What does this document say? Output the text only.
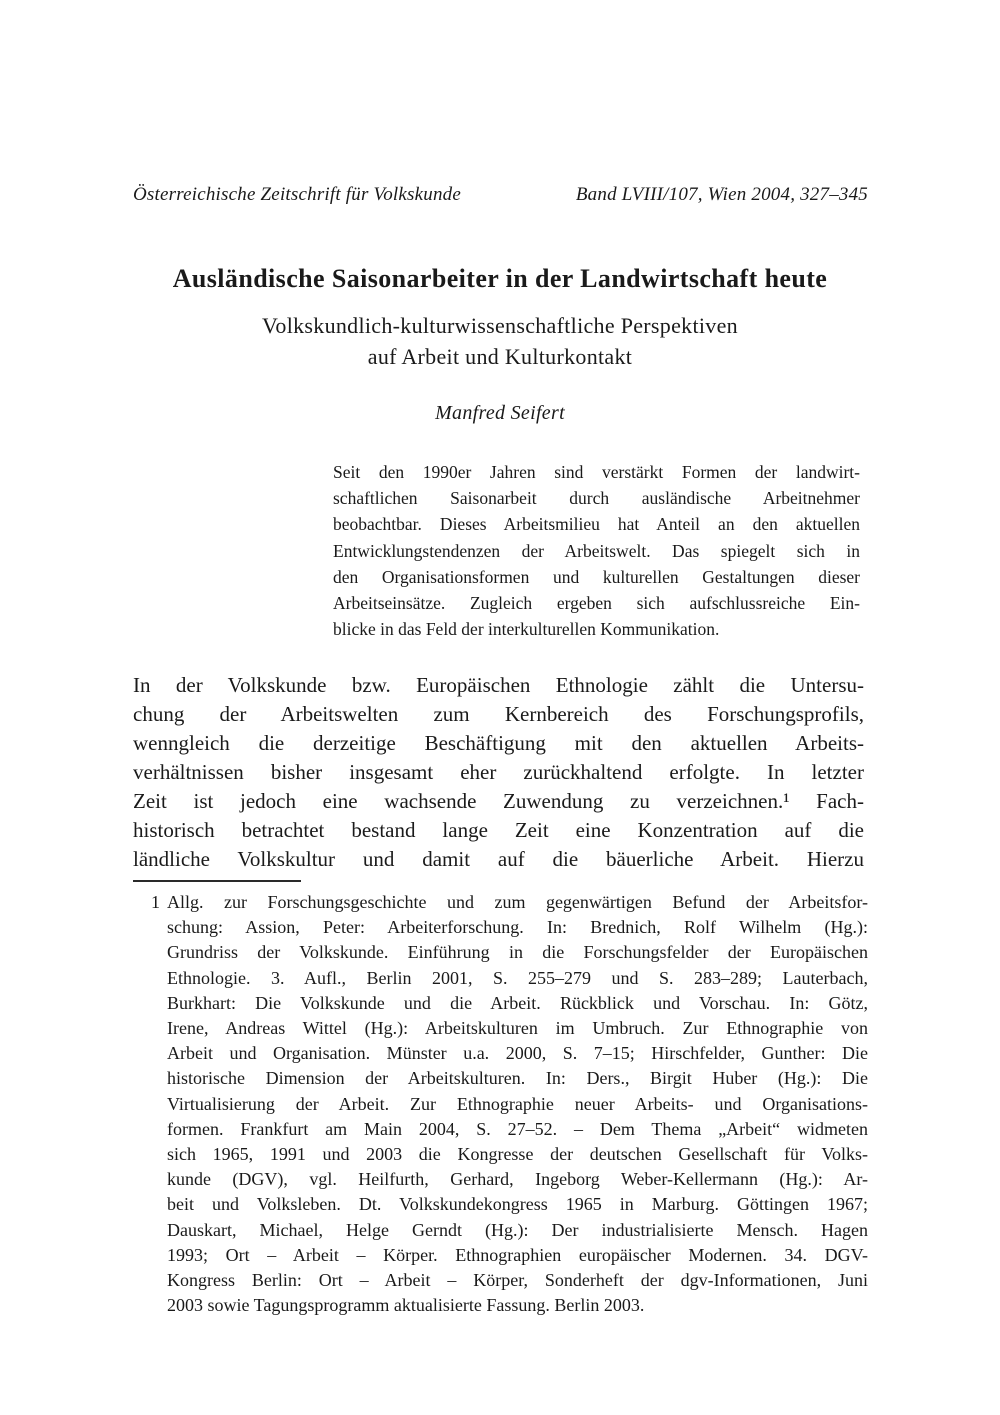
Österreichische Zeitschrift für Volkskunde	Band LVIII/107, Wien 2004, 327–345
Ausländische Saisonarbeiter in der Landwirtschaft heute
Volkskundlich-kulturwissenschaftliche Perspektiven
auf Arbeit und Kulturkontakt
Manfred Seifert
Seit den 1990er Jahren sind verstärkt Formen der landwirt-
schaftlichen Saisonarbeit durch ausländische Arbeitnehmer
beobachtbar. Dieses Arbeitsmilieu hat Anteil an den aktuellen
Entwicklungstendenzen der Arbeitswelt. Das spiegelt sich in
den Organisationsformen und kulturellen Gestaltungen dieser
Arbeitseinsätze. Zugleich ergeben sich aufschlussreiche Ein-
blicke in das Feld der interkulturellen Kommunikation.
In der Volkskunde bzw. Europäischen Ethnologie zählt die Untersu-
chung der Arbeitswelten zum Kernbereich des Forschungsprofils,
wenngleich die derzeitige Beschäftigung mit den aktuellen Arbeits-
verhältnissen bisher insgesamt eher zurückhaltend erfolgte. In letzter
Zeit ist jedoch eine wachsende Zuwendung zu verzeichnen.¹ Fach-
historisch betrachtet bestand lange Zeit eine Konzentration auf die
ländliche Volkskultur und damit auf die bäuerliche Arbeit. Hierzu
1 Allg. zur Forschungsgeschichte und zum gegenwärtigen Befund der Arbeitsfor-
schung: Assion, Peter: Arbeiterforschung. In: Brednich, Rolf Wilhelm (Hg.):
Grundriss der Volkskunde. Einführung in die Forschungsfelder der Europäischen
Ethnologie. 3. Aufl., Berlin 2001, S. 255–279 und S. 283–289; Lauterbach,
Burkhart: Die Volkskunde und die Arbeit. Rückblick und Vorschau. In: Götz,
Irene, Andreas Wittel (Hg.): Arbeitskulturen im Umbruch. Zur Ethnographie von
Arbeit und Organisation. Münster u.a. 2000, S. 7–15; Hirschfelder, Gunther: Die
historische Dimension der Arbeitskulturen. In: Ders., Birgit Huber (Hg.): Die
Virtualisierung der Arbeit. Zur Ethnographie neuer Arbeits- und Organisations-
formen. Frankfurt am Main 2004, S. 27–52. – Dem Thema „Arbeit“ widmeten
sich 1965, 1991 und 2003 die Kongresse der deutschen Gesellschaft für Volks-
kunde (DGV), vgl. Heilfurth, Gerhard, Ingeborg Weber-Kellermann (Hg.): Ar-
beit und Volksleben. Dt. Volkskundekongress 1965 in Marburg. Göttingen 1967;
Dauskart, Michael, Helge Gerndt (Hg.): Der industrialisierte Mensch. Hagen
1993; Ort – Arbeit – Körper. Ethnographien europäischer Modernen. 34. DGV-
Kongress Berlin: Ort – Arbeit – Körper, Sonderheft der dgv-Informationen, Juni
2003 sowie Tagungsprogramm aktualisierte Fassung. Berlin 2003.
